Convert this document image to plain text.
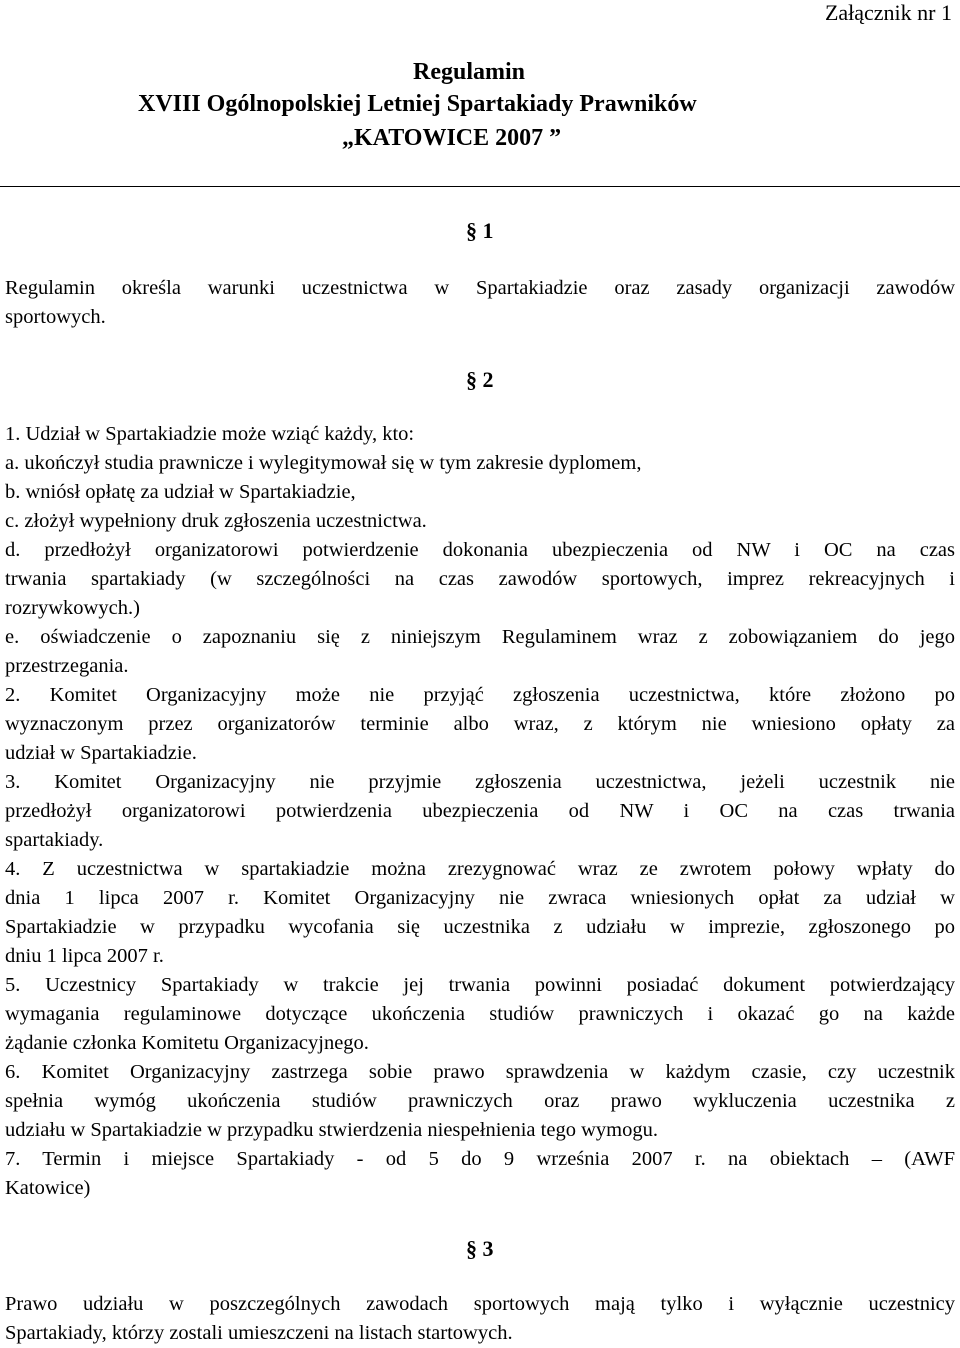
Załącznik nr 1
Regulamin
XVIII Ogólnopolskiej Letniej Spartakiady Prawników
„KATOWICE 2007 ”
§ 1
Regulamin określa warunki uczestnictwa w Spartakiadzie oraz zasady organizacji zawodów
sportowych.
§ 2
1. Udział w Spartakiadzie może wziąć każdy, kto:
a. ukończył studia prawnicze i wylegitymował się w tym zakresie dyplomem,
b. wniósł opłatę za udział w Spartakiadzie,
c. złożył wypełniony druk zgłoszenia uczestnictwa.
d. przedłożył organizatorowi potwierdzenie dokonania ubezpieczenia od NW i OC na czas
trwania spartakiady (w szczególności na czas zawodów sportowych, imprez rekreacyjnych i
rozrywkowych.)
e. oświadczenie o zapoznaniu się z niniejszym Regulaminem wraz z zobowiązaniem do jego
przestrzegania.
2. Komitet Organizacyjny może nie przyjąć zgłoszenia uczestnictwa, które złożono po
wyznaczonym przez organizatorów terminie albo wraz, z którym nie wniesiono opłaty za
udział w Spartakiadzie.
3. Komitet Organizacyjny nie przyjmie zgłoszenia uczestnictwa, jeżeli uczestnik nie
przedłożył organizatorowi potwierdzenia ubezpieczenia od NW i OC na czas trwania
spartakiady.
4. Z uczestnictwa w spartakiadzie można zrezygnować wraz ze zwrotem połowy wpłaty do
dnia 1 lipca 2007 r. Komitet Organizacyjny nie zwraca wniesionych opłat za udział w
Spartakiadzie w przypadku wycofania się uczestnika z udziału w imprezie, zgłoszonego po
dniu 1 lipca 2007 r.
5. Uczestnicy Spartakiady w trakcie jej trwania powinni posiadać dokument potwierdzający
wymagania regulaminowe dotyczące ukończenia studiów prawniczych i okazać go na każde
żądanie członka Komitetu Organizacyjnego.
6. Komitet Organizacyjny zastrzega sobie prawo sprawdzenia w każdym czasie, czy uczestnik
spełnia wymóg ukończenia studiów prawniczych oraz prawo wykluczenia uczestnika z
udziału w Spartakiadzie w przypadku stwierdzenia niespełnienia tego wymogu.
7. Termin i miejsce Spartakiady - od 5 do 9 września 2007 r. na obiektach – (AWF
Katowice)
§ 3
Prawo udziału w poszczególnych zawodach sportowych mają tylko i wyłącznie uczestnicy
Spartakiady, którzy zostali umieszczeni na listach startowych.
